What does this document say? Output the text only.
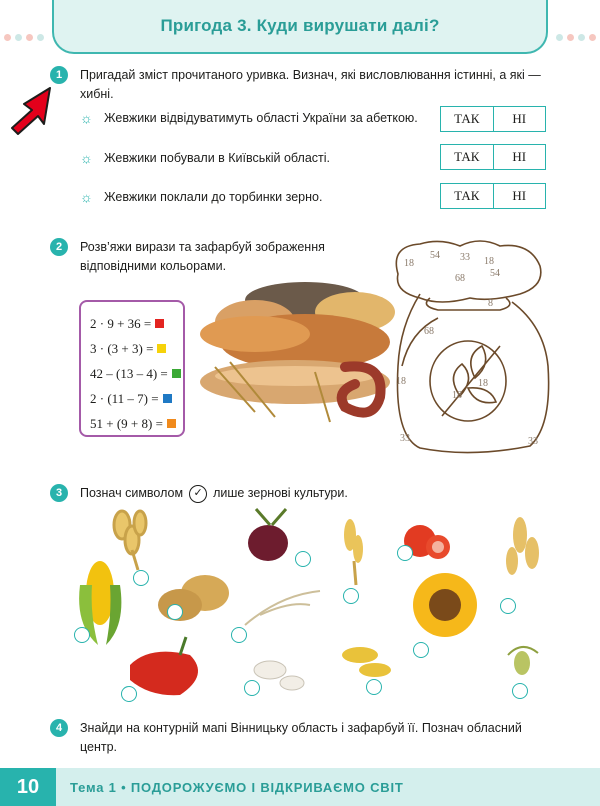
Пригода 3. Куди вирушати далі?
1	Пригадай зміст прочитаного уривка. Визнач, які висловлювання істинні, а які —
хибні.
☼ Жевжики відвідуватимуть області України за абеткою.	ТАК	НІ
☼ Жевжики побували в Київській області.	ТАК	НІ
☼ Жевжики поклали до торбинки зерно.	ТАК	НІ
2	Розв’яжи вирази та зафарбуй зображення
відповідними кольорами.
2 · 9 + 36 =
3 · (3 + 3) =
42 – (13 – 4) =
2 · (11 – 7) =
51 + (9 + 8) =
18
54 33 18
68	54
8
68
18
18
18
33	33
3	Познач символом ✓ лише зернові культури.
4	Знайди на контурній мапі Вінницьку область і зафарбуй її. Познач обласний
центр.
10	Тема 1 • ПОДОРОЖУЄМО І ВІДКРИВАЄМО СВІТ
